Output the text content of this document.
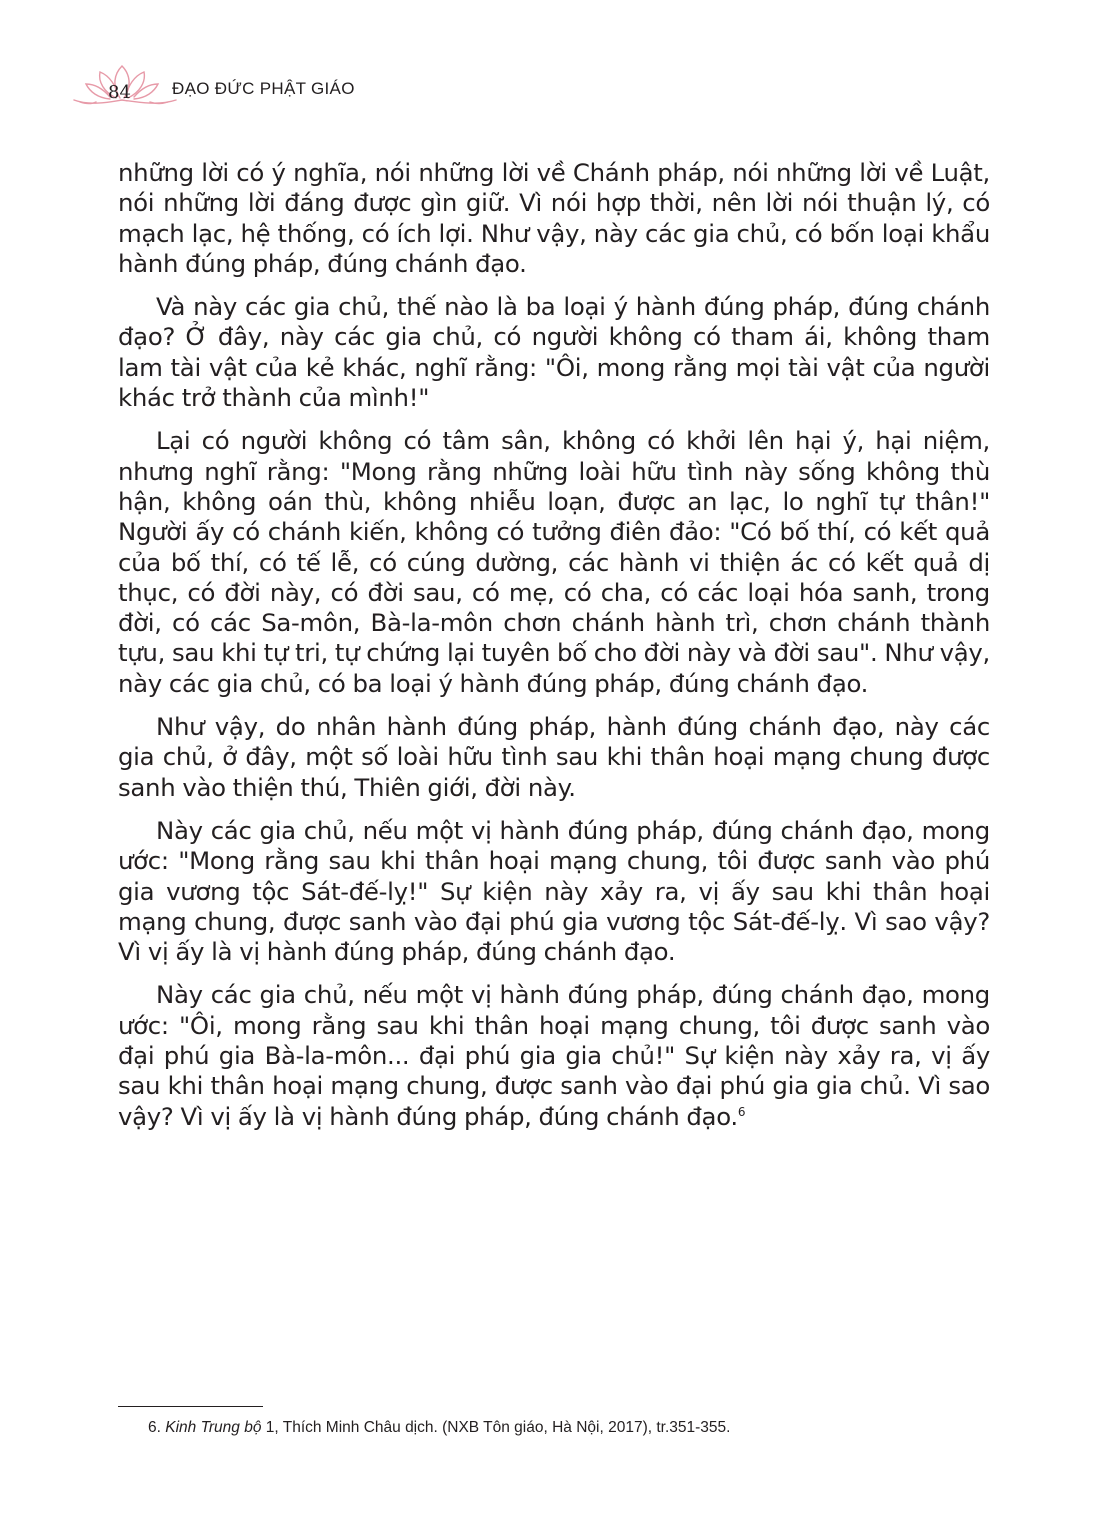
84 ĐẠO ĐỨC PHẬT GIÁO

những lời có ý nghĩa, nói những lời về Chánh pháp, nói những lời về Luật, nói những lời đáng được gìn giữ. Vì nói hợp thời, nên lời nói thuận lý, có mạch lạc, hệ thống, có ích lợi. Như vậy, này các gia chủ, có bốn loại khẩu hành đúng pháp, đúng chánh đạo.

Và này các gia chủ, thế nào là ba loại ý hành đúng pháp, đúng chánh đạo? Ở đây, này các gia chủ, có người không có tham ái, không tham lam tài vật của kẻ khác, nghĩ rằng: "Ôi, mong rằng mọi tài vật của người khác trở thành của mình!"

Lại có người không có tâm sân, không có khởi lên hại ý, hại niệm, nhưng nghĩ rằng: "Mong rằng những loài hữu tình này sống không thù hận, không oán thù, không nhiễu loạn, được an lạc, lo nghĩ tự thân!" Người ấy có chánh kiến, không có tưởng điên đảo: "Có bố thí, có kết quả của bố thí, có tế lễ, có cúng dường, các hành vi thiện ác có kết quả dị thục, có đời này, có đời sau, có mẹ, có cha, có các loại hóa sanh, trong đời, có các Sa-môn, Bà-la-môn chơn chánh hành trì, chơn chánh thành tựu, sau khi tự tri, tự chứng lại tuyên bố cho đời này và đời sau". Như vậy, này các gia chủ, có ba loại ý hành đúng pháp, đúng chánh đạo.

Như vậy, do nhân hành đúng pháp, hành đúng chánh đạo, này các gia chủ, ở đây, một số loài hữu tình sau khi thân hoại mạng chung được sanh vào thiện thú, Thiên giới, đời này.

Này các gia chủ, nếu một vị hành đúng pháp, đúng chánh đạo, mong ước: "Mong rằng sau khi thân hoại mạng chung, tôi được sanh vào phú gia vương tộc Sát-đế-lỵ!" Sự kiện này xảy ra, vị ấy sau khi thân hoại mạng chung, được sanh vào đại phú gia vương tộc Sát-đế-lỵ. Vì sao vậy? Vì vị ấy là vị hành đúng pháp, đúng chánh đạo.

Này các gia chủ, nếu một vị hành đúng pháp, đúng chánh đạo, mong ước: "Ôi, mong rằng sau khi thân hoại mạng chung, tôi được sanh vào đại phú gia Bà-la-môn... đại phú gia gia chủ!" Sự kiện này xảy ra, vị ấy sau khi thân hoại mạng chung, được sanh vào đại phú gia gia chủ. Vì sao vậy? Vì vị ấy là vị hành đúng pháp, đúng chánh đạo.$^6$

6. Kinh Trung bộ 1, Thích Minh Châu dịch. (NXB Tôn giáo, Hà Nội, 2017), tr.351-355.
